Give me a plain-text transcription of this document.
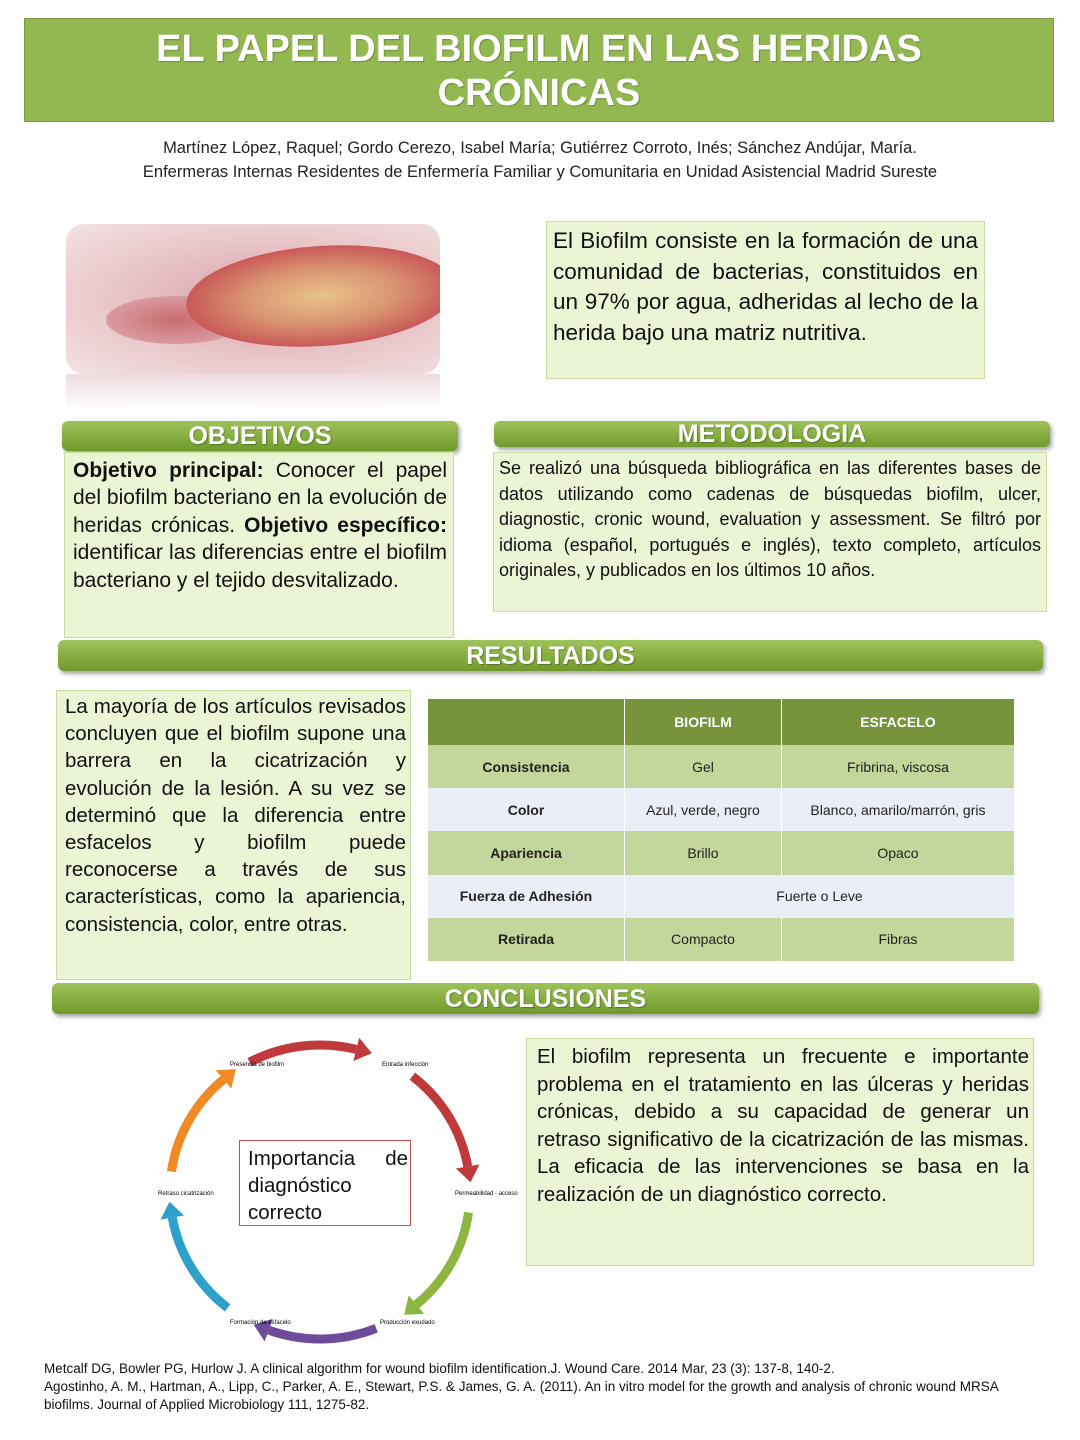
EL PAPEL DEL BIOFILM EN LAS HERIDAS
CRÓNICAS
Martínez López, Raquel; Gordo Cerezo, Isabel María; Gutiérrez Corroto, Inés; Sánchez Andújar, María.
Enfermeras Internas Residentes de Enfermería Familiar y Comunitaria en Unidad Asistencial Madrid Sureste
El Biofilm consiste en la formación de una comunidad de bacterias, constituidos en un 97% por agua, adheridas al lecho de la herida bajo una matriz nutritiva.
OBJETIVOS
Objetivo principal: Conocer el papel del biofilm bacteriano en la evolución de heridas crónicas. Objetivo específico: identificar las diferencias entre el biofilm bacteriano y el tejido desvitalizado.
METODOLOGIA
Se realizó una búsqueda bibliográfica en las diferentes bases de datos utilizando como cadenas de búsquedas biofilm, ulcer, diagnostic, cronic wound, evaluation y assessment. Se filtró por idioma (español, portugués e inglés), texto completo, artículos originales, y publicados en los últimos 10 años.
RESULTADOS
La mayoría de los artículos revisados concluyen que el biofilm supone una barrera en la cicatrización y evolución de la lesión. A su vez se determinó que la diferencia entre esfacelos y biofilm puede reconocerse a través de sus características, como la apariencia, consistencia, color, entre otras.
	BIOFILM	ESFACELO
Consistencia	Gel	Fribrina, viscosa
Color	Azul, verde, negro	Blanco, amarilo/marrón, gris
Apariencia	Brillo	Opaco
Fuerza de Adhesión	Fuerte o Leve	
Retirada	Compacto	Fibras
CONCLUSIONES
El biofilm representa un frecuente e importante problema en el tratamiento en las úlceras y heridas crónicas, debido a su capacidad de generar un retraso significativo de la cicatrización de las mismas. La eficacia de las intervenciones se basa en la realización de un diagnóstico correcto.
Presencia de biofilm	Entrada infección
Permeabilidad - acceso
Producción exudado
Formación de esfacelo
Retraso cicatrización
Importancia de diagnóstico correcto
Metcalf DG, Bowler PG, Hurlow J. A clinical algorithm for wound biofilm identification.J. Wound Care. 2014 Mar, 23 (3): 137-8, 140-2.
Agostinho, A. M., Hartman, A., Lipp, C., Parker, A. E., Stewart, P.S. & James, G. A. (2011). An in vitro model for the growth and analysis of chronic wound MRSA biofilms. Journal of Applied Microbiology 111, 1275-82.
